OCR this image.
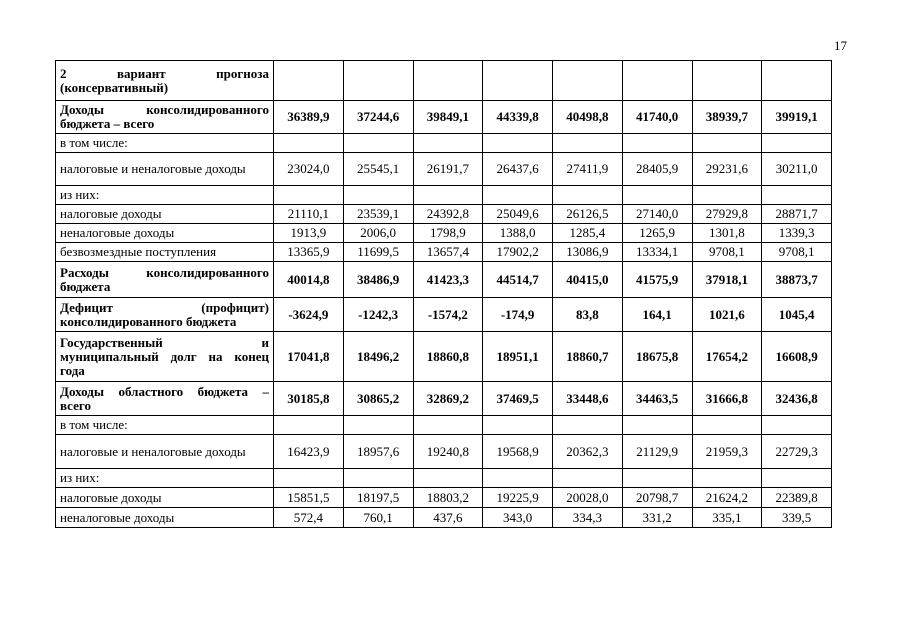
17
2 вариант прогноза (консервативный)								
Доходы консолидированного бюджета – всего	36389,9	37244,6	39849,1	44339,8	40498,8	41740,0	38939,7	39919,1
в том числе:								
налоговые и неналоговые доходы	23024,0	25545,1	26191,7	26437,6	27411,9	28405,9	29231,6	30211,0
из них:								
налоговые доходы	21110,1	23539,1	24392,8	25049,6	26126,5	27140,0	27929,8	28871,7
неналоговые доходы	1913,9	2006,0	1798,9	1388,0	1285,4	1265,9	1301,8	1339,3
безвозмездные поступления	13365,9	11699,5	13657,4	17902,2	13086,9	13334,1	9708,1	9708,1
Расходы консолидированного бюджета	40014,8	38486,9	41423,3	44514,7	40415,0	41575,9	37918,1	38873,7
Дефицит (профицит) консолидированного бюджета	-3624,9	-1242,3	-1574,2	-174,9	83,8	164,1	1021,6	1045,4
Государственный и муниципальный долг на конец года	17041,8	18496,2	18860,8	18951,1	18860,7	18675,8	17654,2	16608,9
Доходы областного бюджета – всего	30185,8	30865,2	32869,2	37469,5	33448,6	34463,5	31666,8	32436,8
в том числе:								
налоговые и неналоговые доходы	16423,9	18957,6	19240,8	19568,9	20362,3	21129,9	21959,3	22729,3
из них:								
налоговые доходы	15851,5	18197,5	18803,2	19225,9	20028,0	20798,7	21624,2	22389,8
неналоговые доходы	572,4	760,1	437,6	343,0	334,3	331,2	335,1	339,5
